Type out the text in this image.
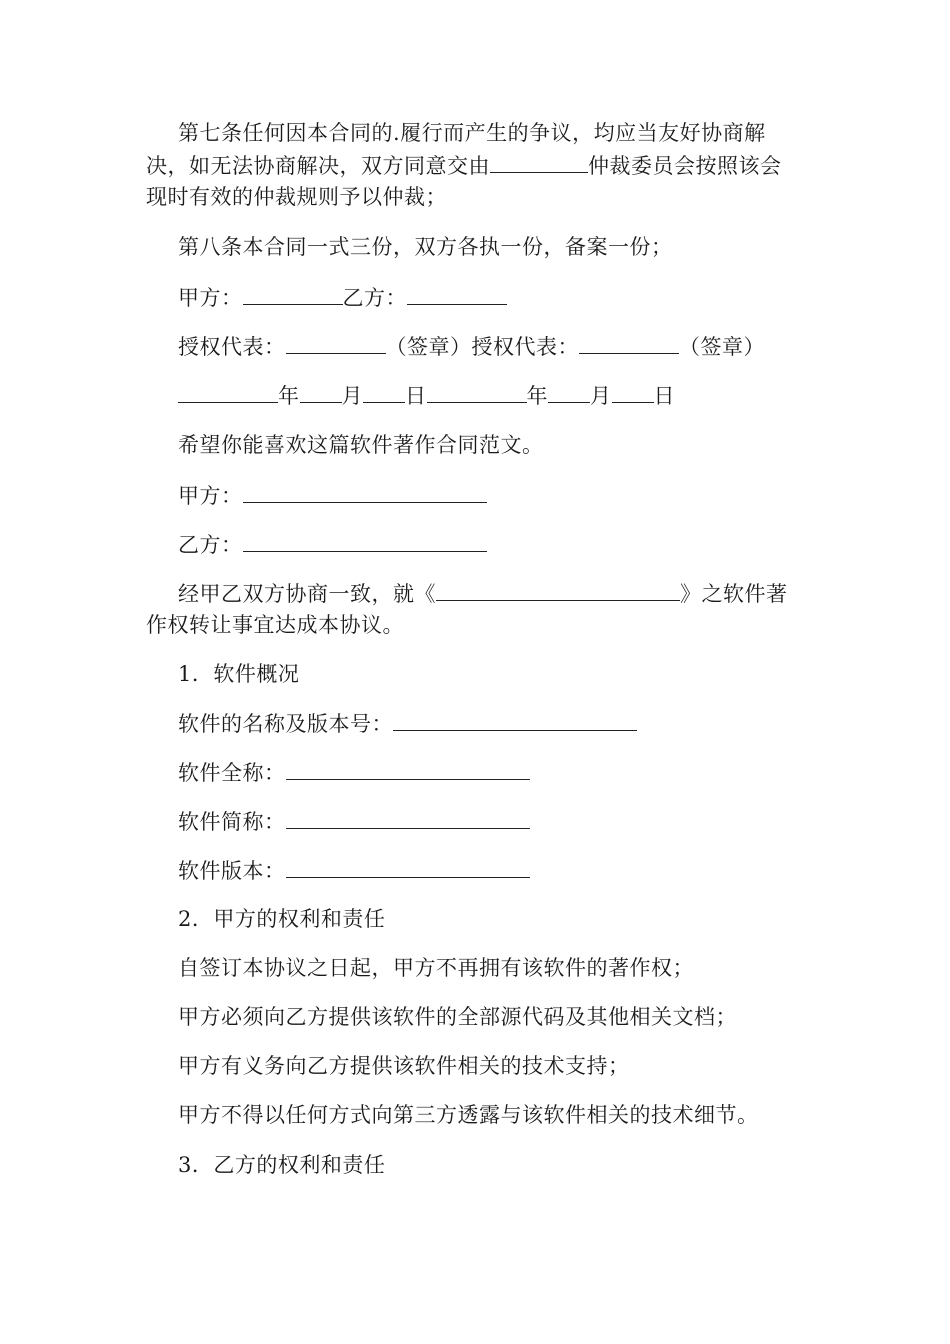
第七条任何因本合同的.履行而产生的争议，均应当友好协商解
决，如无法协商解决，双方同意交由	仲裁委员会按照该会
现时有效的仲裁规则予以仲裁；
第八条本合同一式三份，双方各执一份，备案一份；
甲方：	乙方：
授权代表：	（签章）授权代表：	（签章）
年 月 日	年 月 日
希望你能喜欢这篇软件著作合同范文。
甲方：
乙方：
经甲乙双方协商一致，就《	》之软件著
作权转让事宜达成本协议。
1．软件概况
软件的名称及版本号：
软件全称：
软件简称：
软件版本：
2．甲方的权利和责任
自签订本协议之日起，甲方不再拥有该软件的著作权；
甲方必须向乙方提供该软件的全部源代码及其他相关文档；
甲方有义务向乙方提供该软件相关的技术支持；
甲方不得以任何方式向第三方透露与该软件相关的技术细节。
3．乙方的权利和责任
